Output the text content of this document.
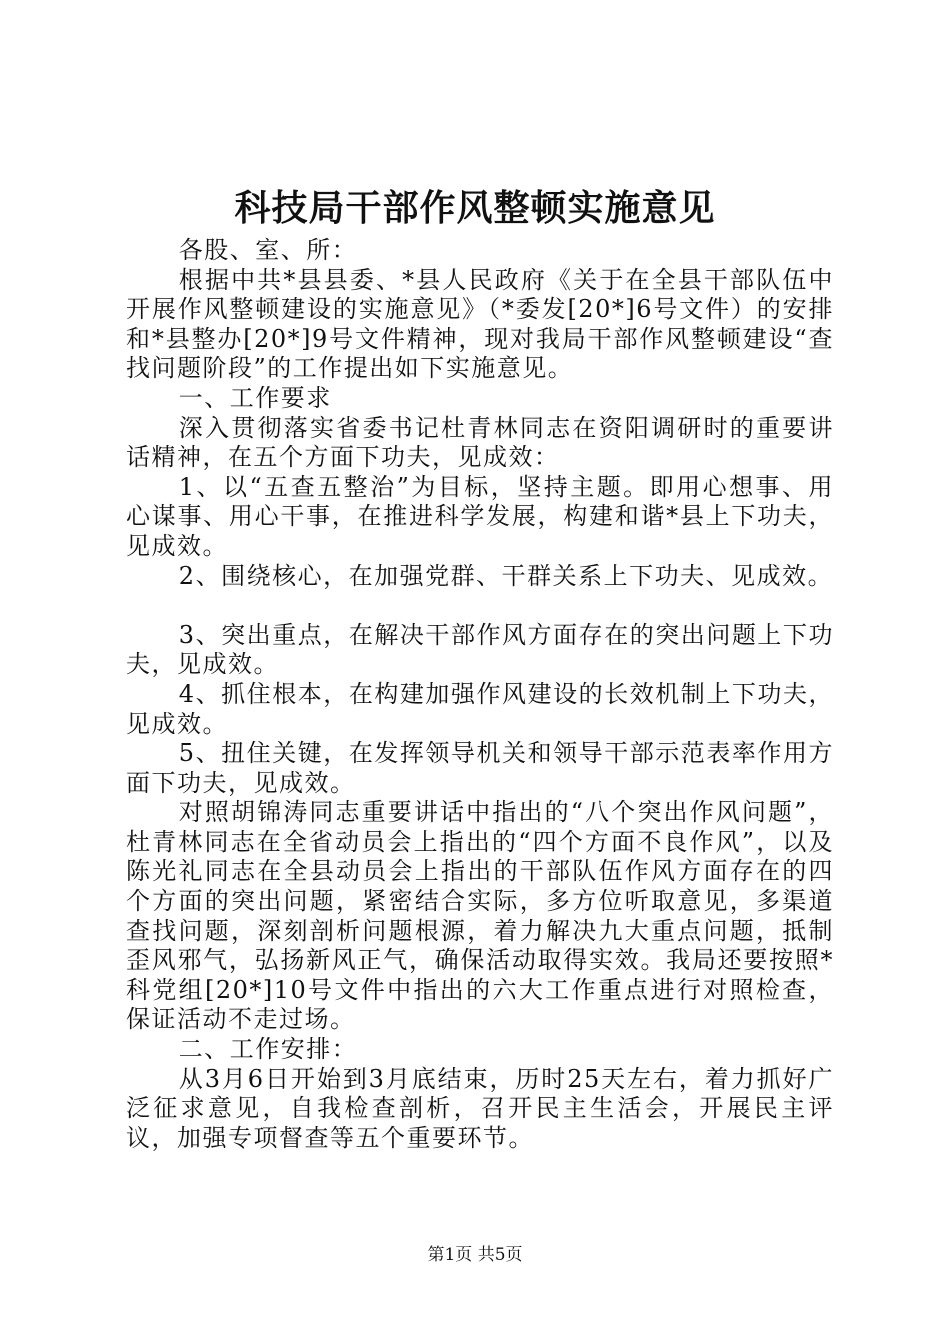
科技局干部作风整顿实施意见

各股、室、所：

根据中共*县县委、*县人民政府《关于在全县干部队伍中开展作风整顿建设的实施意见》（*委发[20*]6号文件）的安排和*县整办[20*]9号文件精神，现对我局干部作风整顿建设“查找问题阶段”的工作提出如下实施意见。

一、工作要求

深入贯彻落实省委书记杜青林同志在资阳调研时的重要讲话精神，在五个方面下功夫，见成效：

1、以“五查五整治”为目标，坚持主题。即用心想事、用心谋事、用心干事，在推进科学发展，构建和谐*县上下功夫，见成效。

2、围绕核心，在加强党群、干群关系上下功夫、见成效。

3、突出重点，在解决干部作风方面存在的突出问题上下功夫，见成效。

4、抓住根本，在构建加强作风建设的长效机制上下功夫，见成效。

5、扭住关键，在发挥领导机关和领导干部示范表率作用方面下功夫，见成效。

对照胡锦涛同志重要讲话中指出的“八个突出作风问题”，杜青林同志在全省动员会上指出的“四个方面不良作风”，以及陈光礼同志在全县动员会上指出的干部队伍作风方面存在的四个方面的突出问题，紧密结合实际，多方位听取意见，多渠道查找问题，深刻剖析问题根源，着力解决九大重点问题，抵制歪风邪气，弘扬新风正气，确保活动取得实效。我局还要按照*科党组[20*]10号文件中指出的六大工作重点进行对照检查，保证活动不走过场。

二、工作安排：

从3月6日开始到3月底结束，历时25天左右，着力抓好广泛征求意见，自我检查剖析，召开民主生活会，开展民主评议，加强专项督查等五个重要环节。

第1页 共5页
